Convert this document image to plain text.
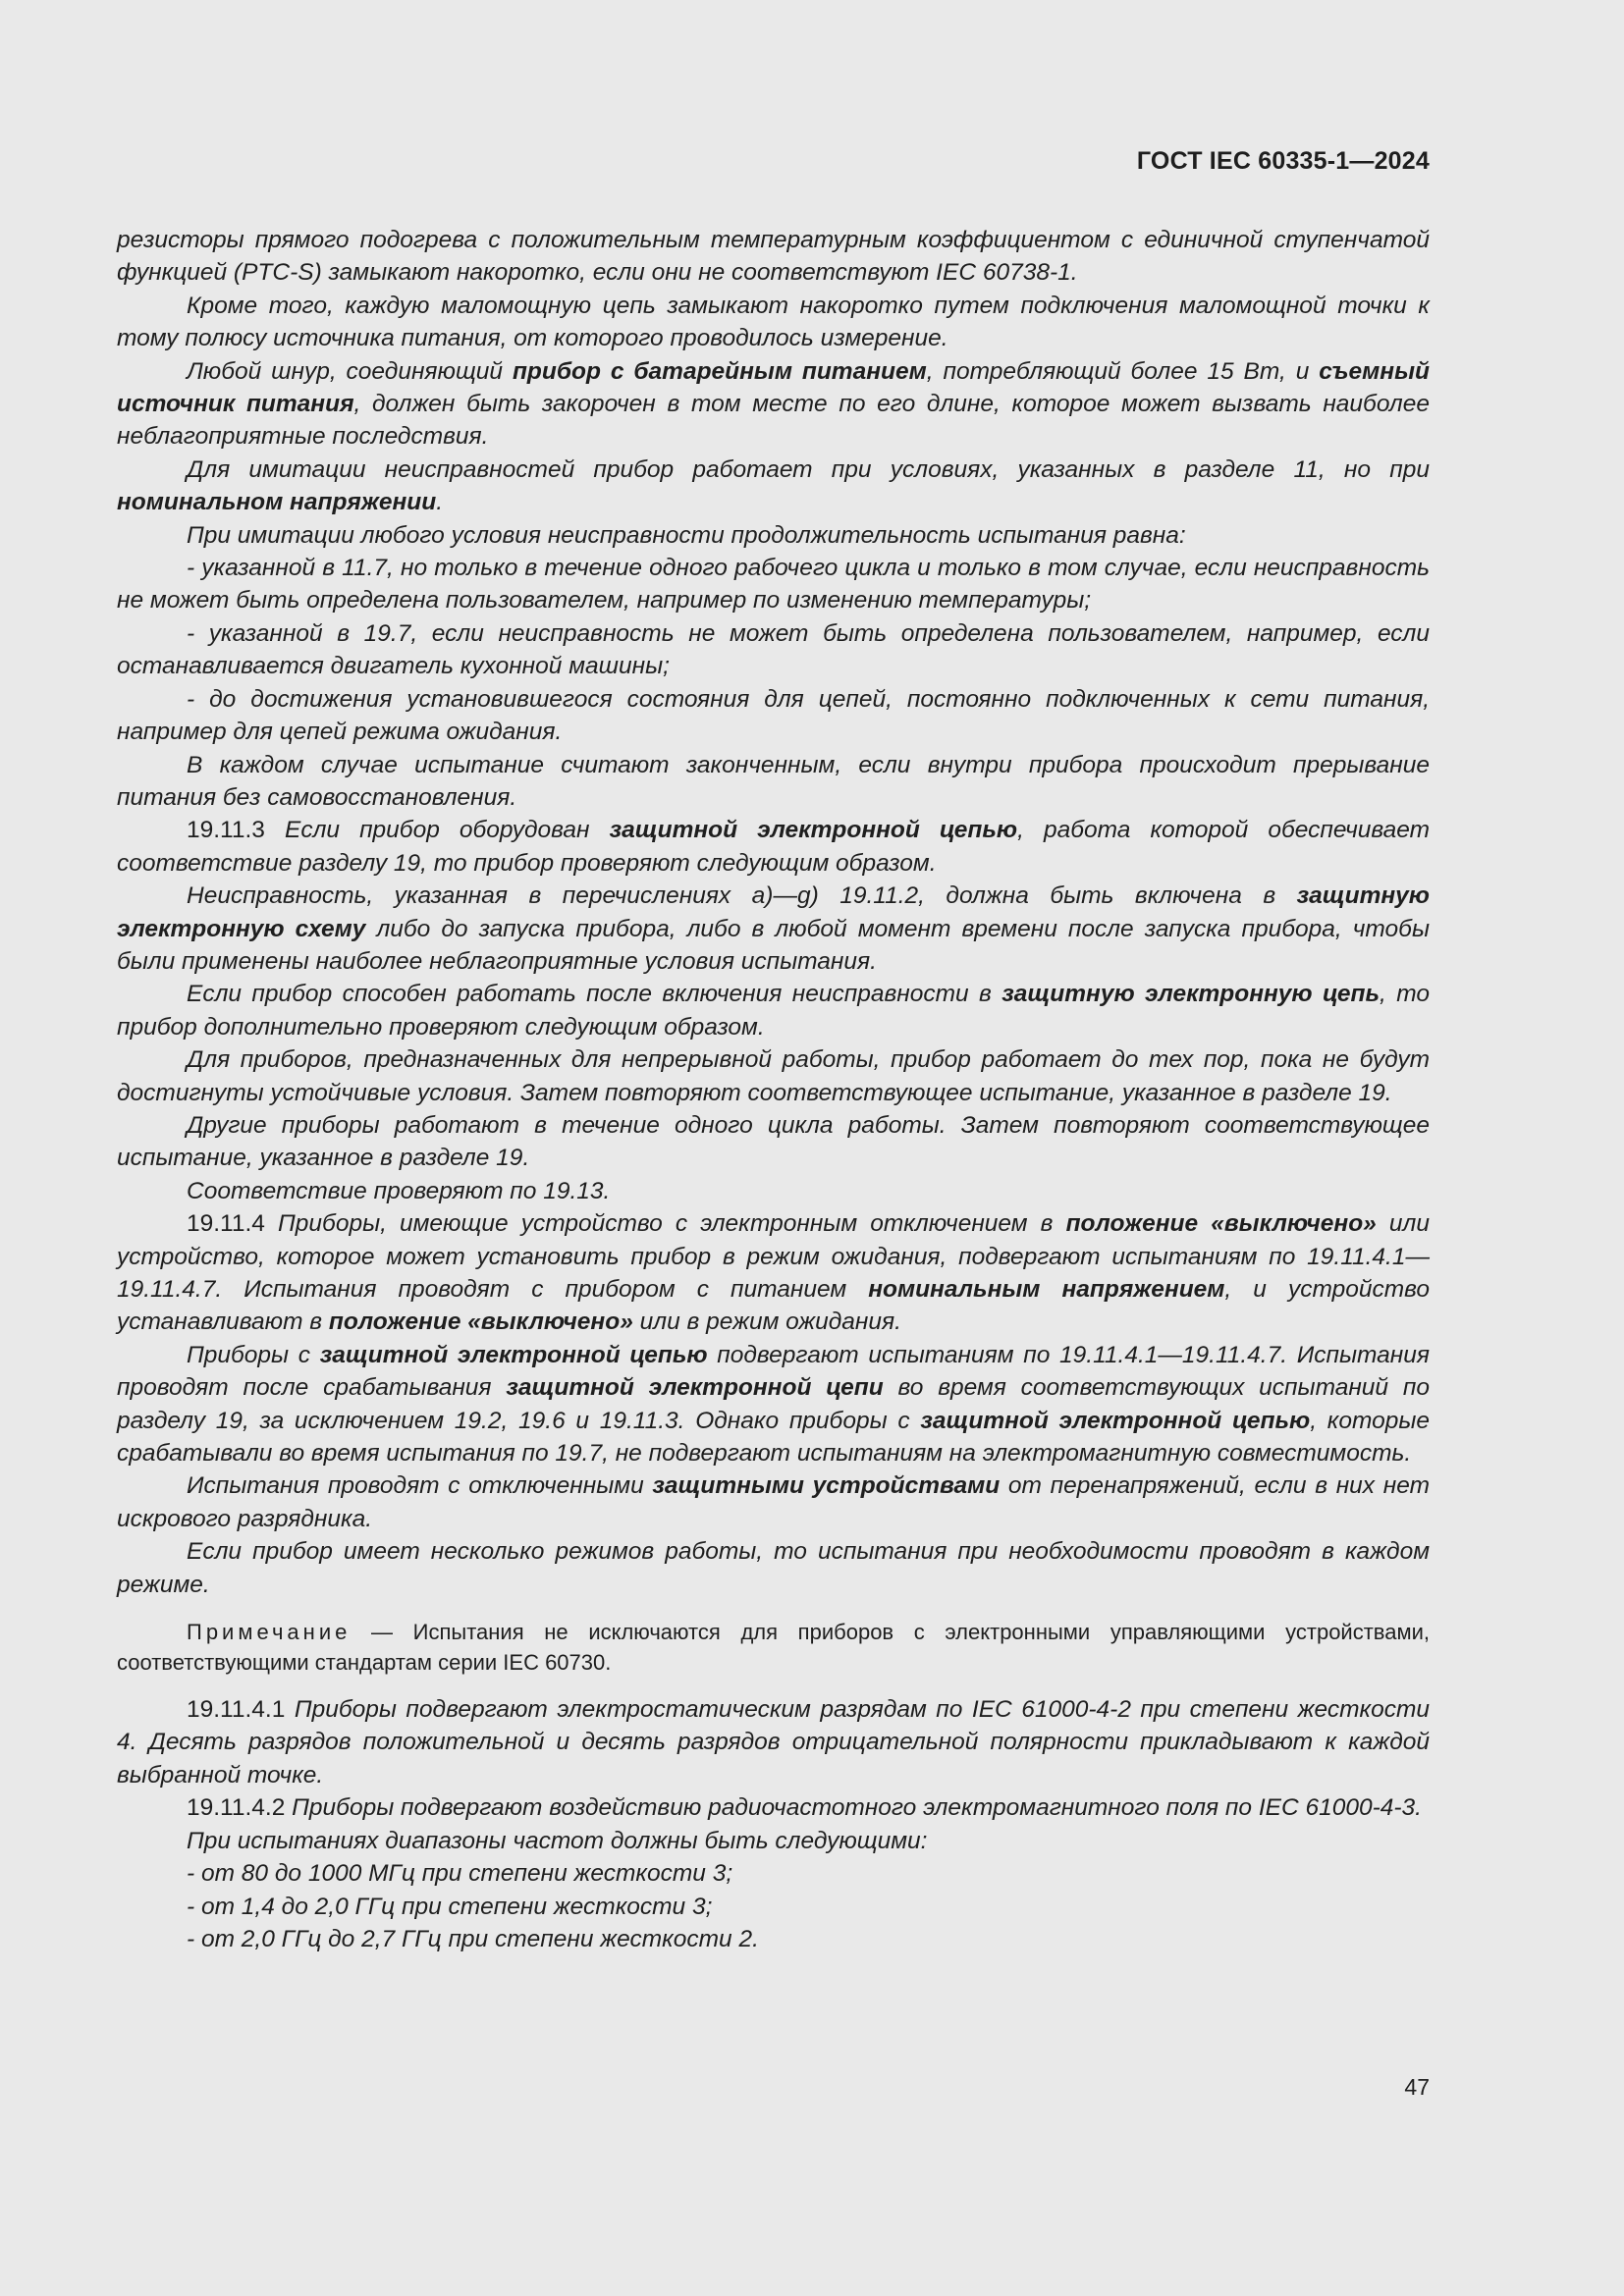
ГОСТ IEC 60335-1—2024

резисторы прямого подогрева с положительным температурным коэффициентом с единичной ступенчатой функцией (PTC-S) замыкают накоротко, если они не соответствуют IEC 60738-1.

Кроме того, каждую маломощную цепь замыкают накоротко путем подключения маломощной точки к тому полюсу источника питания, от которого проводилось измерение.

Любой шнур, соединяющий прибор с батарейным питанием, потребляющий более 15 Вт, и съемный источник питания, должен быть закорочен в том месте по его длине, которое может вызвать наиболее неблагоприятные последствия.

Для имитации неисправностей прибор работает при условиях, указанных в разделе 11, но при номинальном напряжении.

При имитации любого условия неисправности продолжительность испытания равна:

- указанной в 11.7, но только в течение одного рабочего цикла и только в том случае, если неисправность не может быть определена пользователем, например по изменению температуры;

- указанной в 19.7, если неисправность не может быть определена пользователем, например, если останавливается двигатель кухонной машины;

- до достижения установившегося состояния для цепей, постоянно подключенных к сети питания, например для цепей режима ожидания.

В каждом случае испытание считают законченным, если внутри прибора происходит прерывание питания без самовосстановления.

19.11.3 Если прибор оборудован защитной электронной цепью, работа которой обеспечивает соответствие разделу 19, то прибор проверяют следующим образом.

Неисправность, указанная в перечислениях а)—g) 19.11.2, должна быть включена в защитную электронную схему либо до запуска прибора, либо в любой момент времени после запуска прибора, чтобы были применены наиболее неблагоприятные условия испытания.

Если прибор способен работать после включения неисправности в защитную электронную цепь, то прибор дополнительно проверяют следующим образом.

Для приборов, предназначенных для непрерывной работы, прибор работает до тех пор, пока не будут достигнуты устойчивые условия. Затем повторяют соответствующее испытание, указанное в разделе 19.

Другие приборы работают в течение одного цикла работы. Затем повторяют соответствующее испытание, указанное в разделе 19.

Соответствие проверяют по 19.13.

19.11.4 Приборы, имеющие устройство с электронным отключением в положение «выключено» или устройство, которое может установить прибор в режим ожидания, подвергают испытаниям по 19.11.4.1—19.11.4.7. Испытания проводят с прибором с питанием номинальным напряжением, и устройство устанавливают в положение «выключено» или в режим ожидания.

Приборы с защитной электронной цепью подвергают испытаниям по 19.11.4.1—19.11.4.7. Испытания проводят после срабатывания защитной электронной цепи во время соответствующих испытаний по разделу 19, за исключением 19.2, 19.6 и 19.11.3. Однако приборы с защитной электронной цепью, которые срабатывали во время испытания по 19.7, не подвергают испытаниям на электромагнитную совместимость.

Испытания проводят с отключенными защитными устройствами от перенапряжений, если в них нет искрового разрядника.

Если прибор имеет несколько режимов работы, то испытания при необходимости проводят в каждом режиме.

Примечание — Испытания не исключаются для приборов с электронными управляющими устройствами, соответствующими стандартам серии IEC 60730.

19.11.4.1 Приборы подвергают электростатическим разрядам по IEC 61000-4-2 при степени жесткости 4. Десять разрядов положительной и десять разрядов отрицательной полярности прикладывают к каждой выбранной точке.

19.11.4.2 Приборы подвергают воздействию радиочастотного электромагнитного поля по IEC 61000-4-3.

При испытаниях диапазоны частот должны быть следующими:

- от 80 до 1000 МГц при степени жесткости 3;

- от 1,4 до 2,0 ГГц при степени жесткости 3;

- от 2,0 ГГц до 2,7 ГГц при степени жесткости 2.

47
